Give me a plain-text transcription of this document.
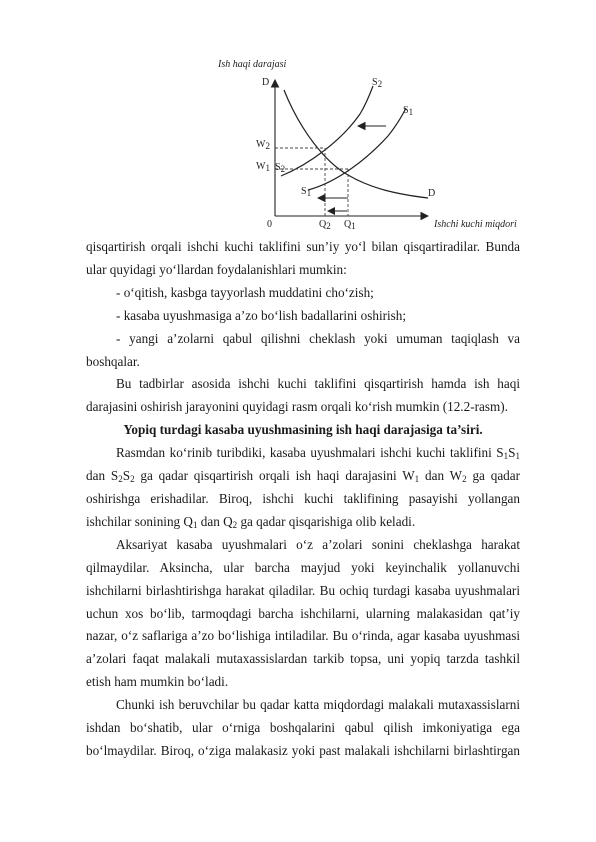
Ish haqi darajasi
D	$S_2$
$S_1$
$W_2$
$W_1$ $S_2$
$S_1$	D
0	$Q_2$ $Q_1$	Ishchi kuchi miqdori

qisqartirish orqali ishchi kuchi taklifini sun’iy yo‘l bilan qisqartiradilar. Bunda ular quyidagi yo‘llardan foydalanishlari mumkin:

- o‘qitish, kasbga tayyorlash muddatini cho‘zish;

- kasaba uyushmasiga a’zo bo‘lish badallarini oshirish;

- yangi a’zolarni qabul qilishni cheklash yoki umuman taqiqlash va boshqalar.

Bu tadbirlar asosida ishchi kuchi taklifini qisqartirish hamda ish haqi darajasini oshirish jarayonini quyidagi rasm orqali ko‘rish mumkin (12.2-rasm).

Yopiq turdagi kasaba uyushmasining ish haqi darajasiga ta’siri.

Rasmdan ko‘rinib turibdiki, kasaba uyushmalari ishchi kuchi taklifini $S_1S_1$ dan $S_2S_2$ ga qadar qisqartirish orqali ish haqi darajasini $W_1$ dan $W_2$ ga qadar oshirishga erishadilar. Biroq, ishchi kuchi taklifining pasayishi yollangan ishchilar sonining $Q_1$ dan $Q_2$ ga qadar qisqarishiga olib keladi.

Aksariyat kasaba uyushmalari o‘z a’zolari sonini cheklashga harakat qilmaydilar. Aksincha, ular barcha mayjud yoki keyinchalik yollanuvchi ishchilarni birlashtirishga harakat qiladilar. Bu ochiq turdagi kasaba uyushmalari uchun xos bo‘lib, tarmoqdagi barcha ishchilarni, ularning malakasidan qat’iy nazar, o‘z saflariga a’zo bo‘lishiga intiladilar. Bu o‘rinda, agar kasaba uyushmasi a’zolari faqat malakali mutaxassislardan tarkib topsa, uni yopiq tarzda tashkil etish ham mumkin bo‘ladi.

Chunki ish beruvchilar bu qadar katta miqdordagi malakali mutaxassislarni ishdan bo‘shatib, ular o‘rniga boshqalarini qabul qilish imkoniyatiga ega bo‘lmaydilar. Biroq, o‘ziga malakasiz yoki past malakali ishchilarni birlashtirgan
